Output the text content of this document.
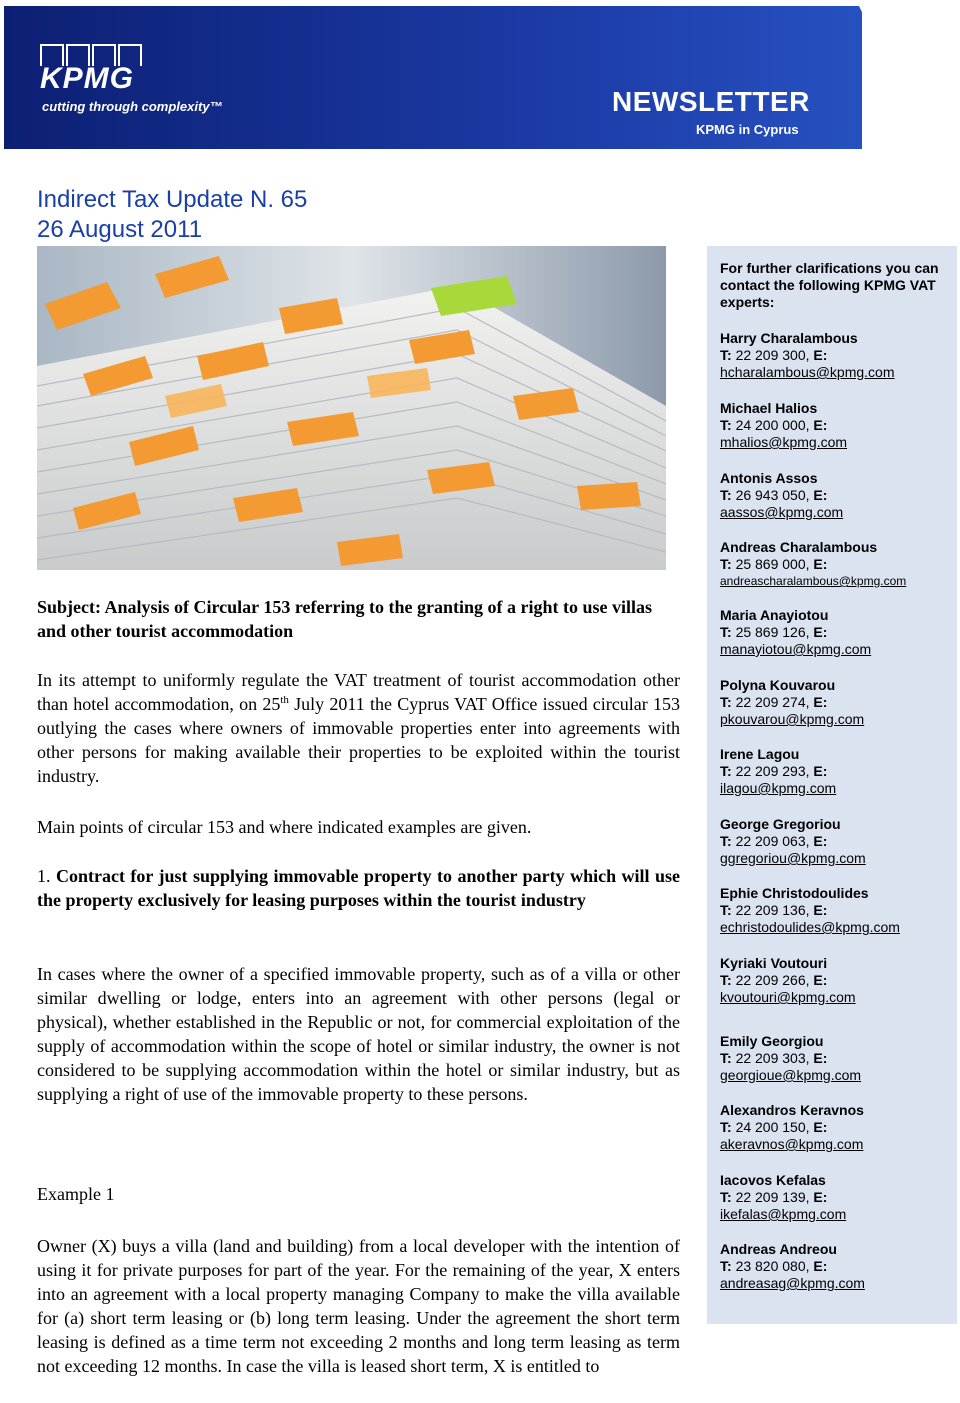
KPMG
cutting through complexity™	NEWSLETTER
KPMG in Cyprus
Indirect Tax Update N. 65
26 August 2011
For further clarifications you can contact the following KPMG VAT experts:
Harry Charalambous
T: 22 209 300, E:
hcharalambous@kpmg.com
Michael Halios
T: 24 200 000, E:
mhalios@kpmg.com
Antonis Assos
T: 26 943 050, E:
aassos@kpmg.com
Andreas Charalambous
T: 25 869 000, E:
andreascharalambous@kpmg.com
Maria Anayiotou
T: 25 869 126, E:
manayiotou@kpmg.com
Polyna Kouvarou
T: 22 209 274, E:
pkouvarou@kpmg.com
Irene Lagou
T: 22 209 293, E:
ilagou@kpmg.com
George Gregoriou
T: 22 209 063, E:
ggregoriou@kpmg.com
Ephie Christodoulides
T: 22 209 136, E:
echristodoulides@kpmg.com
Kyriaki Voutouri
T: 22 209 266, E:
kvoutouri@kpmg.com
Emily Georgiou
T: 22 209 303, E:
georgioue@kpmg.com
Alexandros Keravnos
T: 24 200 150, E:
akeravnos@kpmg.com
Iacovos Kefalas
T: 22 209 139, E:
ikefalas@kpmg.com
Andreas Andreou
T: 23 820 080, E:
andreasag@kpmg.com
Subject: Analysis of Circular 153 referring to the granting of a right to use villas and other tourist accommodation
In its attempt to uniformly regulate the VAT treatment of tourist accommodation other than hotel accommodation, on 25th July 2011 the Cyprus VAT Office issued circular 153 outlying the cases where owners of immovable properties enter into agreements with other persons for making available their properties to be exploited within the tourist industry.
Main points of circular 153 and where indicated examples are given.
1. Contract for just supplying immovable property to another party which will use the property exclusively for leasing purposes within the tourist industry
In cases where the owner of a specified immovable property, such as of a villa or other similar dwelling or lodge, enters into an agreement with other persons (legal or physical), whether established in the Republic or not, for commercial exploitation of the supply of accommodation within the scope of hotel or similar industry, the owner is not considered to be supplying accommodation within the hotel or similar industry, but as supplying a right of use of the immovable property to these persons.
Example 1
Owner (X) buys a villa (land and building) from a local developer with the intention of using it for private purposes for part of the year. For the remaining of the year, X enters into an agreement with a local property managing Company to make the villa available for (a) short term leasing or (b) long term leasing. Under the agreement the short term leasing is defined as a time term not exceeding 2 months and long term leasing as term not exceeding 12 months. In case the villa is leased short term, X is entitled to
